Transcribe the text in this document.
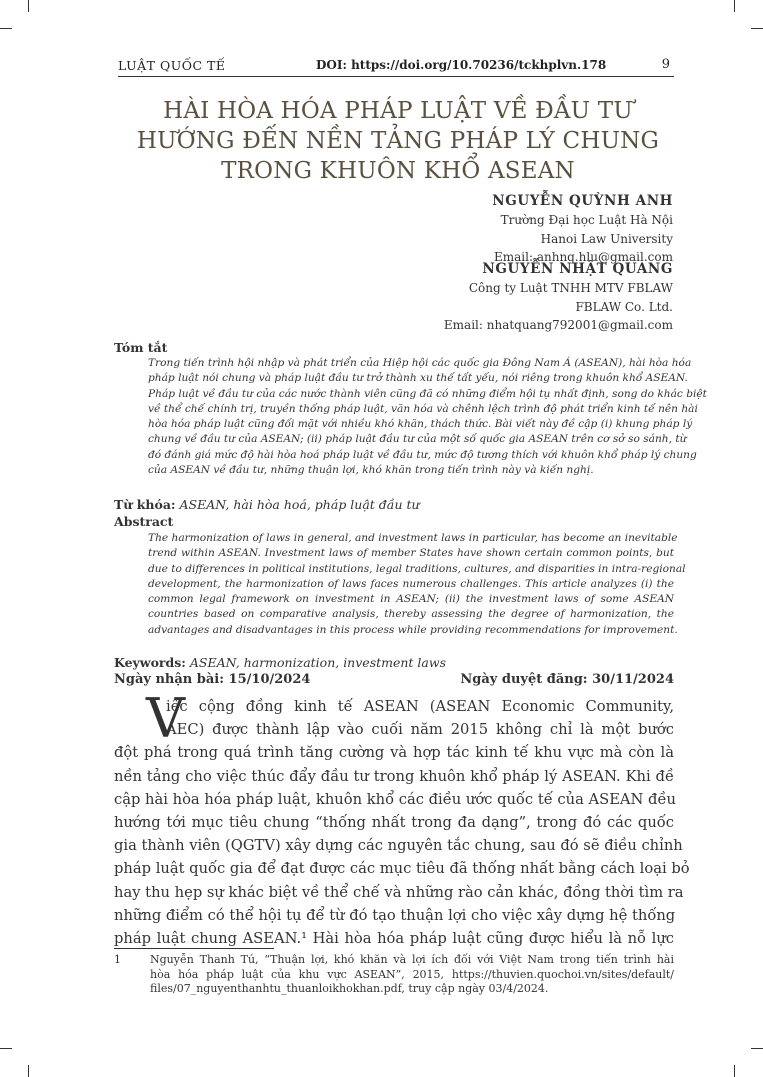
LUẬT QUỐC TẾ	DOI: https://doi.org/10.70236/tckhplvn.178	9
HÀI HÒA HÓA PHÁP LUẬT VỀ ĐẦU TƯ
HƯỚNG ĐẾN NỀN TẢNG PHÁP LÝ CHUNG
TRONG KHUÔN KHỔ ASEAN
NGUYỄN QUỲNH ANH
Trường Đại học Luật Hà Nội
Hanoi Law University
Email: anhnq.hlu@gmail.com
NGUYỄN NHẬT QUANG
Công ty Luật TNHH MTV FBLAW
FBLAW Co. Ltd.
Email: nhatquang792001@gmail.com
Tóm tắt
Trong tiến trình hội nhập và phát triển của Hiệp hội các quốc gia Đông Nam Á (ASEAN), hài hòa hóa
pháp luật nói chung và pháp luật đầu tư trở thành xu thế tất yếu, nói riêng trong khuôn khổ ASEAN.
Pháp luật về đầu tư của các nước thành viên cũng đã có những điểm hội tụ nhất định, song do khác biệt
về thể chế chính trị, truyền thống pháp luật, văn hóa và chênh lệch trình độ phát triển kinh tế nên hài
hòa hóa pháp luật cũng đối mặt với nhiều khó khăn, thách thức. Bài viết này đề cập (i) khung pháp lý
chung về đầu tư của ASEAN; (ii) pháp luật đầu tư của một số quốc gia ASEAN trên cơ sở so sánh, từ
đó đánh giá mức độ hài hòa hoá pháp luật về đầu tư, mức độ tương thích với khuôn khổ pháp lý chung
của ASEAN về đầu tư, những thuận lợi, khó khăn trong tiến trình này và kiến nghị.
Từ khóa: ASEAN, hài hòa hoá, pháp luật đầu tư
Abstract
The harmonization of laws in general, and investment laws in particular, has become an inevitable
trend within ASEAN. Investment laws of member States have shown certain common points, but
due to differences in political institutions, legal traditions, cultures, and disparities in intra-regional
development, the harmonization of laws faces numerous challenges. This article analyzes (i) the
common legal framework on investment in ASEAN; (ii) the investment laws of some ASEAN
countries based on comparative analysis, thereby assessing the degree of harmonization, the
advantages and disadvantages in this process while providing recommendations for improvement.
Keywords: ASEAN, harmonization, investment laws
Ngày nhận bài: 15/10/2024	Ngày duyệt đăng: 30/11/2024
V
iệc cộng đồng kinh tế ASEAN (ASEAN Economic Community,
AEC) được thành lập vào cuối năm 2015 không chỉ là một bước
đột phá trong quá trình tăng cường và hợp tác kinh tế khu vực mà còn là
nền tảng cho việc thúc đẩy đầu tư trong khuôn khổ pháp lý ASEAN. Khi đề
cập hài hòa hóa pháp luật, khuôn khổ các điều ước quốc tế của ASEAN đều
hướng tới mục tiêu chung “thống nhất trong đa dạng”, trong đó các quốc
gia thành viên (QGTV) xây dựng các nguyên tắc chung, sau đó sẽ điều chỉnh
pháp luật quốc gia để đạt được các mục tiêu đã thống nhất bằng cách loại bỏ
hay thu hẹp sự khác biệt về thể chế và những rào cản khác, đồng thời tìm ra
những điểm có thể hội tụ để từ đó tạo thuận lợi cho việc xây dựng hệ thống
pháp luật chung ASEAN.¹ Hài hòa hóa pháp luật cũng được hiểu là nỗ lực
1	Nguyễn Thanh Tú, “Thuận lợi, khó khăn và lợi ích đối với Việt Nam trong tiến trình hài
hòa hóa pháp luật của khu vực ASEAN”, 2015, https://thuvien.quochoi.vn/sites/default/
files/07_nguyenthanhtu_thuanloikhokhan.pdf, truy cập ngày 03/4/2024.
